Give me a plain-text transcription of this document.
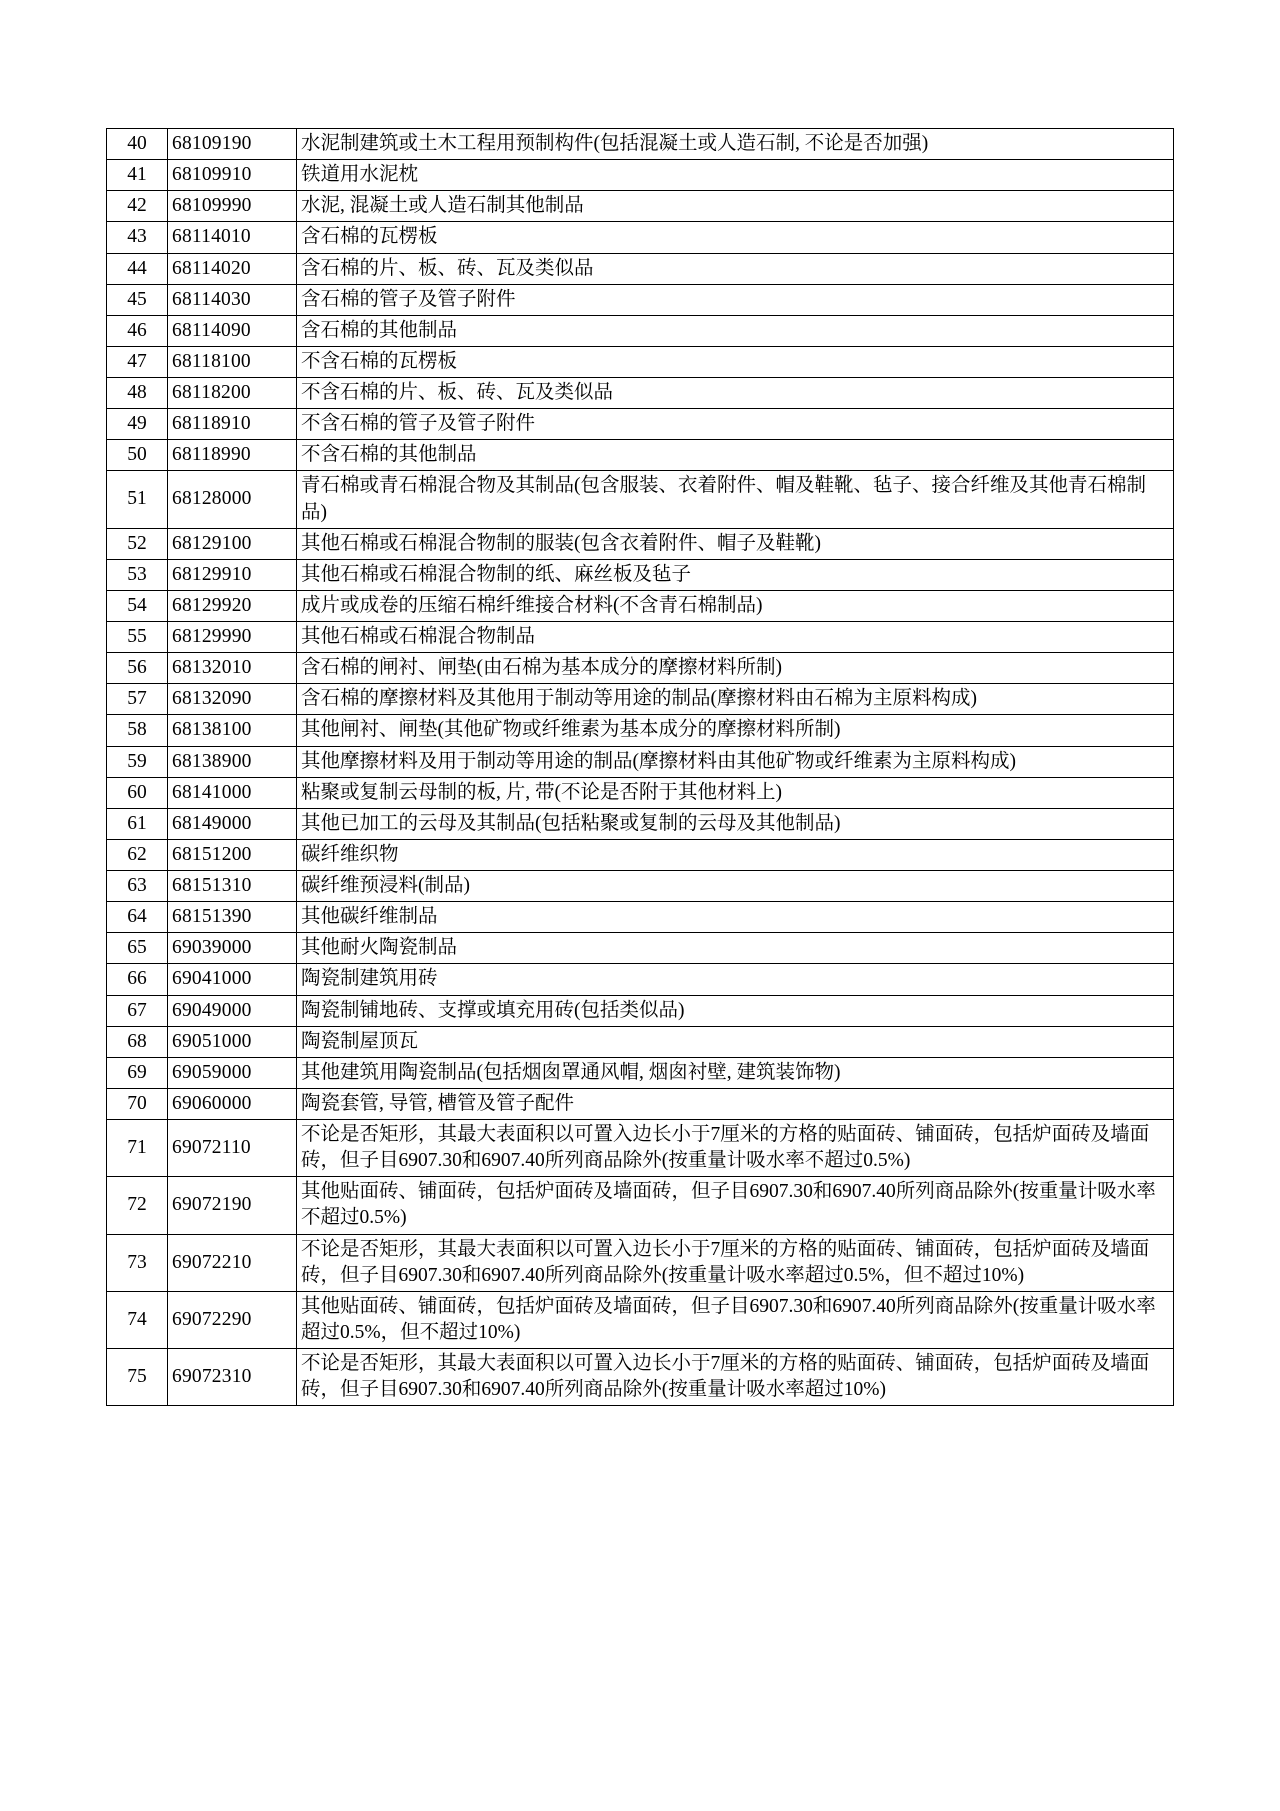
40	68109190	水泥制建筑或土木工程用预制构件(包括混凝土或人造石制, 不论是否加强)
41	68109910	铁道用水泥枕
42	68109990	水泥, 混凝土或人造石制其他制品
43	68114010	含石棉的瓦楞板
44	68114020	含石棉的片、板、砖、瓦及类似品
45	68114030	含石棉的管子及管子附件
46	68114090	含石棉的其他制品
47	68118100	不含石棉的瓦楞板
48	68118200	不含石棉的片、板、砖、瓦及类似品
49	68118910	不含石棉的管子及管子附件
50	68118990	不含石棉的其他制品
51	68128000	青石棉或青石棉混合物及其制品(包含服装、衣着附件、帽及鞋靴、毡子、接合纤维及其他青石棉制品)
52	68129100	其他石棉或石棉混合物制的服装(包含衣着附件、帽子及鞋靴)
53	68129910	其他石棉或石棉混合物制的纸、麻丝板及毡子
54	68129920	成片或成卷的压缩石棉纤维接合材料(不含青石棉制品)
55	68129990	其他石棉或石棉混合物制品
56	68132010	含石棉的闸衬、闸垫(由石棉为基本成分的摩擦材料所制)
57	68132090	含石棉的摩擦材料及其他用于制动等用途的制品(摩擦材料由石棉为主原料构成)
58	68138100	其他闸衬、闸垫(其他矿物或纤维素为基本成分的摩擦材料所制)
59	68138900	其他摩擦材料及用于制动等用途的制品(摩擦材料由其他矿物或纤维素为主原料构成)
60	68141000	粘聚或复制云母制的板, 片, 带(不论是否附于其他材料上)
61	68149000	其他已加工的云母及其制品(包括粘聚或复制的云母及其他制品)
62	68151200	碳纤维织物
63	68151310	碳纤维预浸料(制品)
64	68151390	其他碳纤维制品
65	69039000	其他耐火陶瓷制品
66	69041000	陶瓷制建筑用砖
67	69049000	陶瓷制铺地砖、支撑或填充用砖(包括类似品)
68	69051000	陶瓷制屋顶瓦
69	69059000	其他建筑用陶瓷制品(包括烟囱罩通风帽, 烟囱衬壁, 建筑装饰物)
70	69060000	陶瓷套管, 导管, 槽管及管子配件
71	69072110	不论是否矩形，其最大表面积以可置入边长小于7厘米的方格的贴面砖、铺面砖，包括炉面砖及墙面砖，但子目6907.30和6907.40所列商品除外(按重量计吸水率不超过0.5%)
72	69072190	其他贴面砖、铺面砖，包括炉面砖及墙面砖，但子目6907.30和6907.40所列商品除外(按重量计吸水率不超过0.5%)
73	69072210	不论是否矩形，其最大表面积以可置入边长小于7厘米的方格的贴面砖、铺面砖，包括炉面砖及墙面砖，但子目6907.30和6907.40所列商品除外(按重量计吸水率超过0.5%，但不超过10%)
74	69072290	其他贴面砖、铺面砖，包括炉面砖及墙面砖，但子目6907.30和6907.40所列商品除外(按重量计吸水率超过0.5%，但不超过10%)
75	69072310	不论是否矩形，其最大表面积以可置入边长小于7厘米的方格的贴面砖、铺面砖，包括炉面砖及墙面砖，但子目6907.30和6907.40所列商品除外(按重量计吸水率超过10%)
